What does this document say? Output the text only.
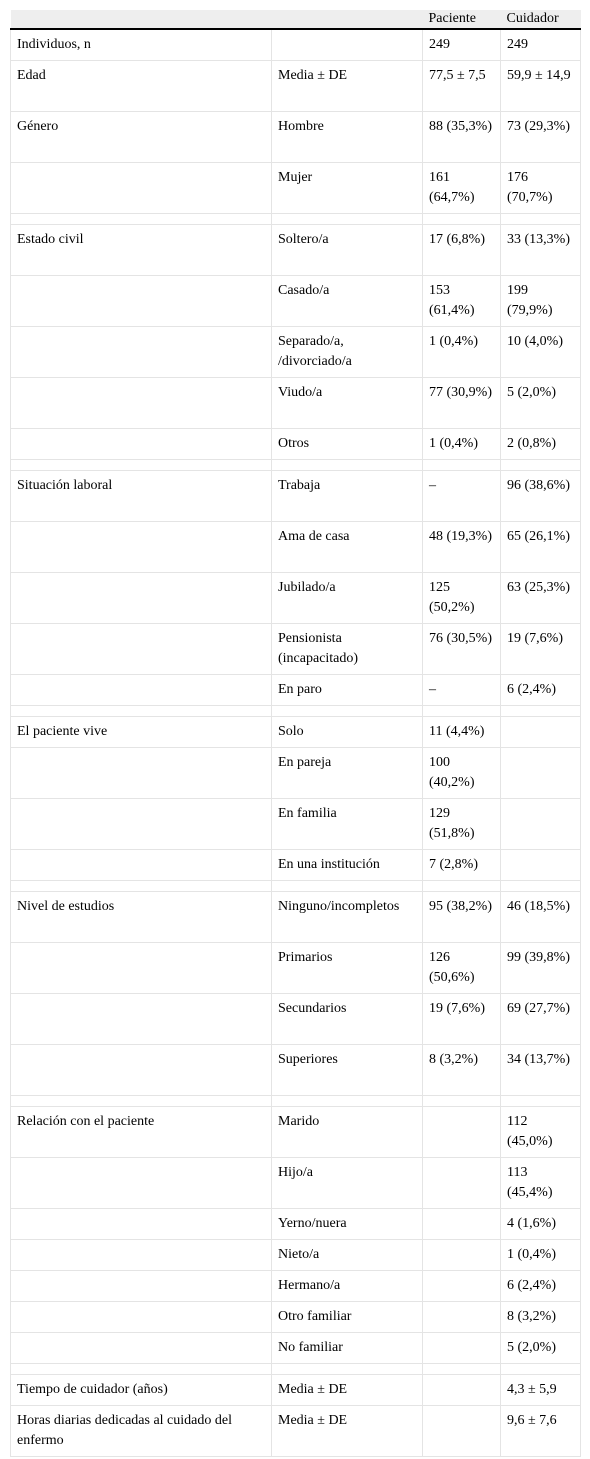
		Paciente	Cuidador
Individuos, n		249	249
Edad	Media ± DE	77,5 ± 7,5	59,9 ± 14,9
Género	Hombre	88 (35,3%)	73 (29,3%)
	Mujer	161 (64,7%)	176 (70,7%)

Estado civil	Soltero/a	17 (6,8%)	33 (13,3%)
	Casado/a	153 (61,4%)	199 (79,9%)
	Separado/a, /divorciado/a	1 (0,4%)	10 (4,0%)
	Viudo/a	77 (30,9%)	5 (2,0%)
	Otros	1 (0,4%)	2 (0,8%)

Situación laboral	Trabaja	–	96 (38,6%)
	Ama de casa	48 (19,3%)	65 (26,1%)
	Jubilado/a	125 (50,2%)	63 (25,3%)
	Pensionista (incapacitado)	76 (30,5%)	19 (7,6%)
	En paro	–	6 (2,4%)

El paciente vive	Solo	11 (4,4%)	
	En pareja	100 (40,2%)	
	En familia	129 (51,8%)	
	En una institución	7 (2,8%)	

Nivel de estudios	Ninguno/incompletos	95 (38,2%)	46 (18,5%)
	Primarios	126 (50,6%)	99 (39,8%)
	Secundarios	19 (7,6%)	69 (27,7%)
	Superiores	8 (3,2%)	34 (13,7%)

Relación con el paciente	Marido		112 (45,0%)
	Hijo/a		113 (45,4%)
	Yerno/nuera		4 (1,6%)
	Nieto/a		1 (0,4%)
	Hermano/a		6 (2,4%)
	Otro familiar		8 (3,2%)
	No familiar		5 (2,0%)

Tiempo de cuidador (años)	Media ± DE		4,3 ± 5,9
Horas diarias dedicadas al cuidado del enfermo	Media ± DE		9,6 ± 7,6
